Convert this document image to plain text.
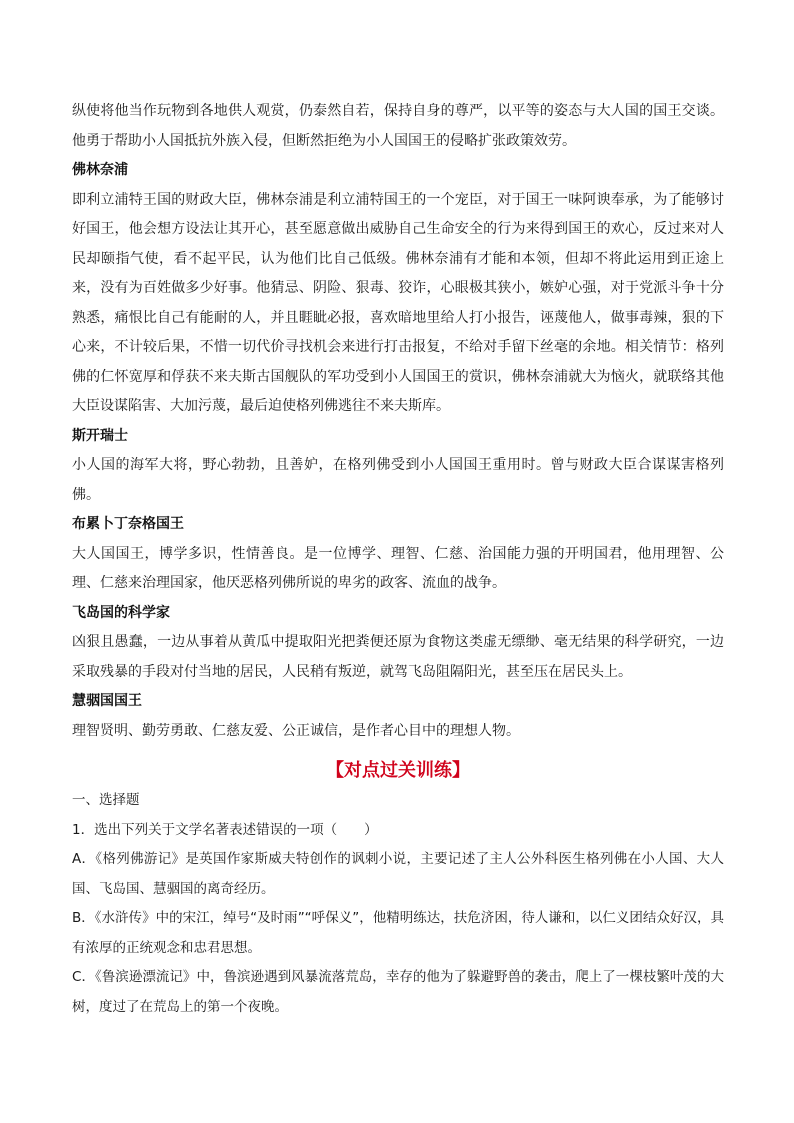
纵使将他当作玩物到各地供人观赏，仍泰然自若，保持自身的尊严，以平等的姿态与大人国的国王交谈。他勇于帮助小人国抵抗外族入侵，但断然拒绝为小人国国王的侵略扩张政策效劳。

佛林奈浦

即利立浦特王国的财政大臣，佛林奈浦是利立浦特国王的一个宠臣，对于国王一味阿谀奉承，为了能够讨好国王，他会想方设法让其开心，甚至愿意做出威胁自己生命安全的行为来得到国王的欢心，反过来对人民却颐指气使，看不起平民，认为他们比自己低级。佛林奈浦有才能和本领，但却不将此运用到正途上来，没有为百姓做多少好事。他猜忌、阴险、狠毒、狡诈，心眼极其狭小，嫉妒心强，对于党派斗争十分熟悉，痛恨比自己有能耐的人，并且睚眦必报，喜欢暗地里给人打小报告，诬蔑他人，做事毒辣，狠的下心来，不计较后果，不惜一切代价寻找机会来进行打击报复，不给对手留下丝毫的余地。相关情节：格列佛的仁怀宽厚和俘获不来夫斯古国舰队的军功受到小人国国王的赏识，佛林奈浦就大为恼火，就联络其他大臣设谋陷害、大加污蔑，最后迫使格列佛逃往不来夫斯库。

斯开瑞士

小人国的海军大将，野心勃勃，且善妒，在格列佛受到小人国国王重用时。曾与财政大臣合谋谋害格列佛。

布累卜丁奈格国王

大人国国王，博学多识，性情善良。是一位博学、理智、仁慈、治国能力强的开明国君，他用理智、公理、仁慈来治理国家，他厌恶格列佛所说的卑劣的政客、流血的战争。

飞岛国的科学家

凶狠且愚蠢，一边从事着从黄瓜中提取阳光把粪便还原为食物这类虚无缥缈、毫无结果的科学研究，一边采取残暴的手段对付当地的居民，人民稍有叛逆，就驾飞岛阻隔阳光，甚至压在居民头上。

慧骃国国王

理智贤明、勤劳勇敢、仁慈友爱、公正诚信，是作者心目中的理想人物。

【对点过关训练】

一、选择题

1．选出下列关于文学名著表述错误的一项（　　）

A．《格列佛游记》是英国作家斯威夫特创作的讽刺小说，主要记述了主人公外科医生格列佛在小人国、大人国、飞岛国、慧骃国的离奇经历。

B．《水浒传》中的宋江，绰号“及时雨”“呼保义”，他精明练达，扶危济困，待人谦和，以仁义团结众好汉，具有浓厚的正统观念和忠君思想。

C．《鲁滨逊漂流记》中，鲁滨逊遇到风暴流落荒岛，幸存的他为了躲避野兽的袭击，爬上了一棵枝繁叶茂的大树，度过了在荒岛上的第一个夜晚。
